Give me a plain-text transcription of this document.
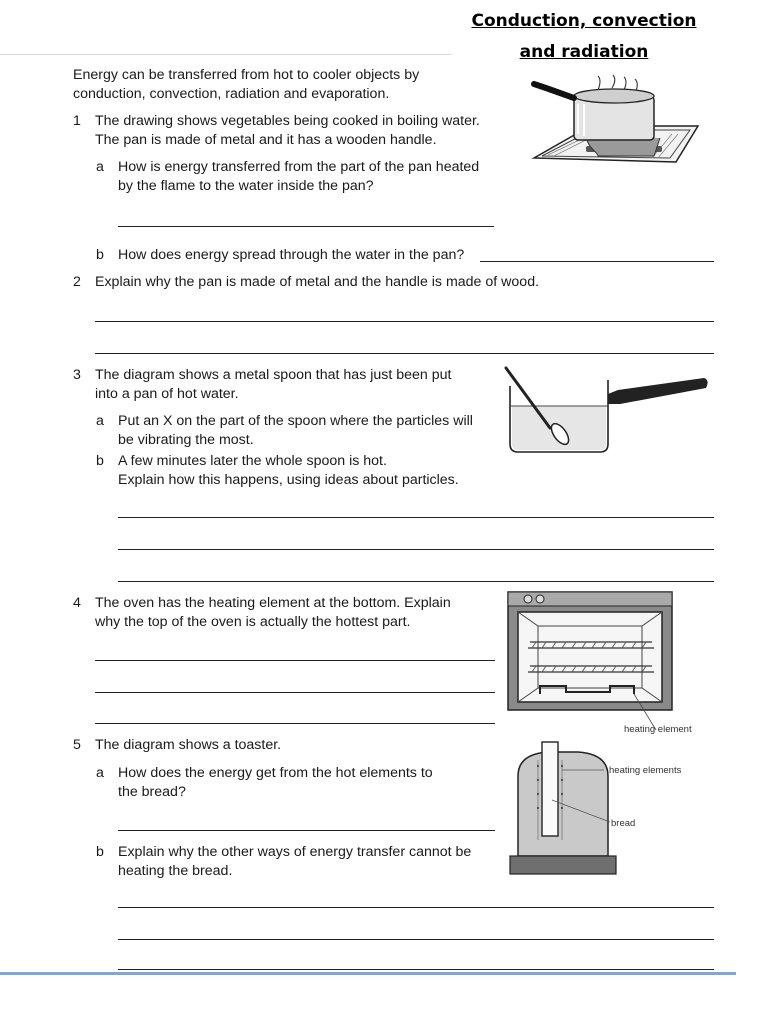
Conduction, convection
and radiation
Energy can be transferred from hot to cooler objects by
conduction, convection, radiation and evaporation.
1 The drawing shows vegetables being cooked in boiling water.
The pan is made of metal and it has a wooden handle.
a How is energy transferred from the part of the pan heated
by the flame to the water inside the pan?
b How does energy spread through the water in the pan?
2 Explain why the pan is made of metal and the handle is made of wood.
3 The diagram shows a metal spoon that has just been put
into a pan of hot water.
a Put an X on the part of the spoon where the particles will
be vibrating the most.
b A few minutes later the whole spoon is hot.
Explain how this happens, using ideas about particles.
4 The oven has the heating element at the bottom. Explain
why the top of the oven is actually the hottest part.
heating element
5 The diagram shows a toaster.
a How does the energy get from the hot elements to
the bread?
b Explain why the other ways of energy transfer cannot be
heating the bread.
heating elements
bread
